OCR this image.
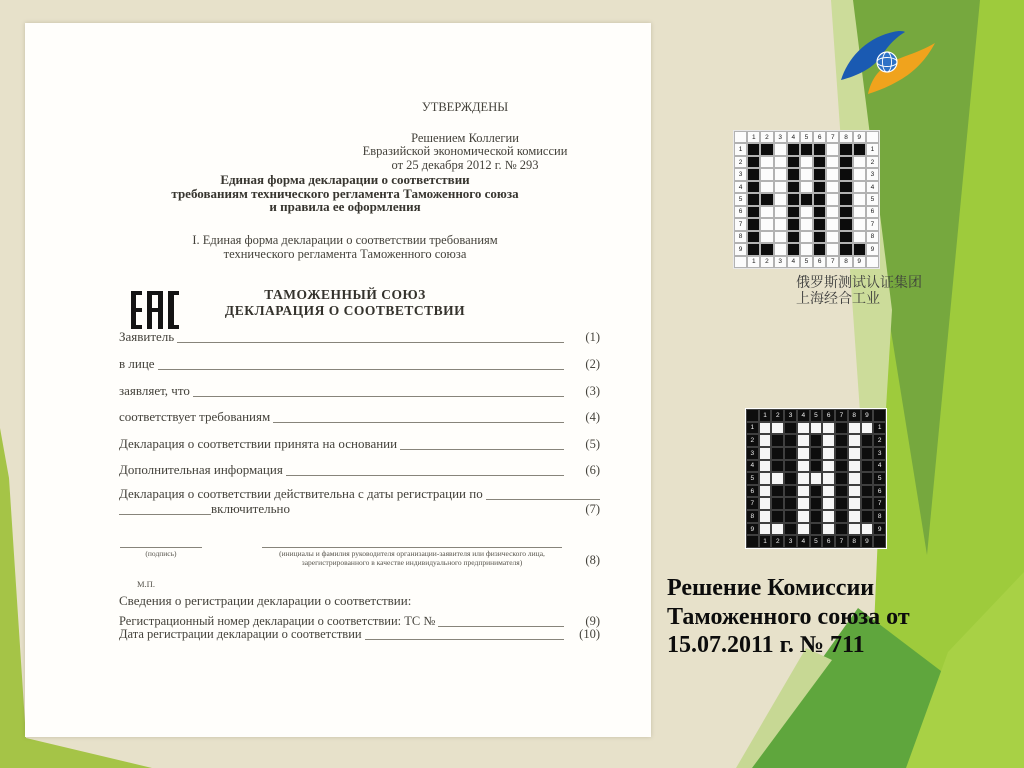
УТВЕРЖДЕНЫ
Решением Коллегии
Евразийской экономической комиссии
от 25 декабря 2012 г. № 293
Единая форма декларации о соответствии
требованиям технического регламента Таможенного союза
и правила ее оформления
I. Единая форма декларации о соответствии требованиям
технического регламента Таможенного союза
ТАМОЖЕННЫЙ СОЮЗ
ДЕКЛАРАЦИЯ О СООТВЕТСТВИИ
Заявитель	(1)
в лице	(2)
заявляет, что	(3)
соответствует требованиям	(4)
Декларация о соответствии принята на основании	(5)
Дополнительная информация	(6)
Декларация о соответствии действительна с даты регистрации по
включительно	(7)
(подпись)	(инициалы и фамилия руководителя организации-заявителя или физического лица, зарегистрированного в качестве индивидуального предпринимателя)	(8)
М.П.
Сведения о регистрации декларации о соответствии:
Регистрационный номер декларации о соответствии: ТС №	(9)
Дата регистрации декларации о соответствии	(10)
1	2	3	4	5	6	7	8	9
1	1
2	2
3	3
4	4
5	5
6	6
7	7
8	8
9	9
1	2	3	4	5	6	7	8	9
1	2	3	4	5	6	7	8	9
1	1
2	2
3	3
4	4
5	5
6	6
7	7
8	8
9	9
1	2	3	4	5	6	7	8	9
俄罗斯测试认证集团
上海经合工业
Решение Комиссии
Таможенного союза от
15.07.2011 г. № 711
